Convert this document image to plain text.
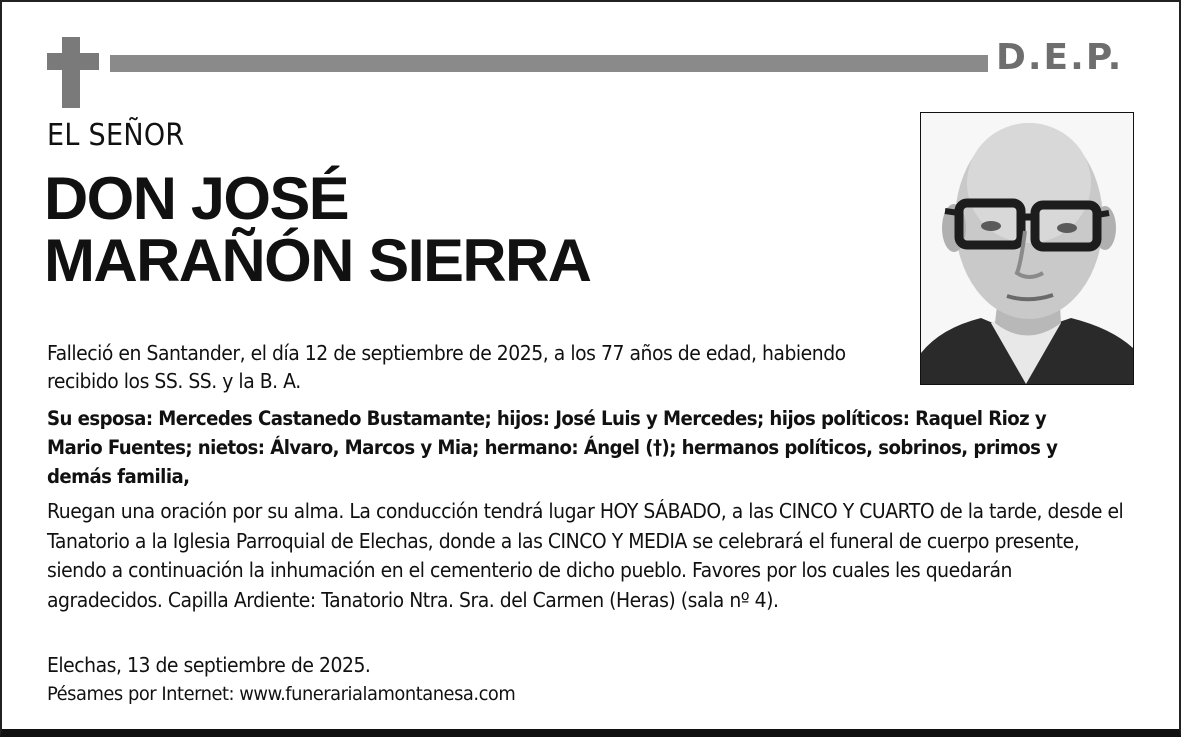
D.E.P.
EL SEÑOR
DON JOSÉ
MARAÑÓN SIERRA
Falleció en Santander, el día 12 de septiembre de 2025, a los 77 años de edad, habiendo recibido los SS. SS. y la B. A.
Su esposa: Mercedes Castanedo Bustamante; hijos: José Luis y Mercedes; hijos políticos: Raquel Rioz y Mario Fuentes; nietos: Álvaro, Marcos y Mia; hermano: Ángel (†); hermanos políticos, sobrinos, primos y demás familia,
Ruegan una oración por su alma. La conducción tendrá lugar HOY SÁBADO, a las CINCO Y CUARTO de la tarde, desde el Tanatorio a la Iglesia Parroquial de Elechas, donde a las CINCO Y MEDIA se celebrará el funeral de cuerpo presente, siendo a continuación la inhumación en el cementerio de dicho pueblo. Favores por los cuales les quedarán agradecidos. Capilla Ardiente: Tanatorio Ntra. Sra. del Carmen (Heras) (sala nº 4).
Elechas, 13 de septiembre de 2025.
Pésames por Internet: www.funerarialamontanesa.com
